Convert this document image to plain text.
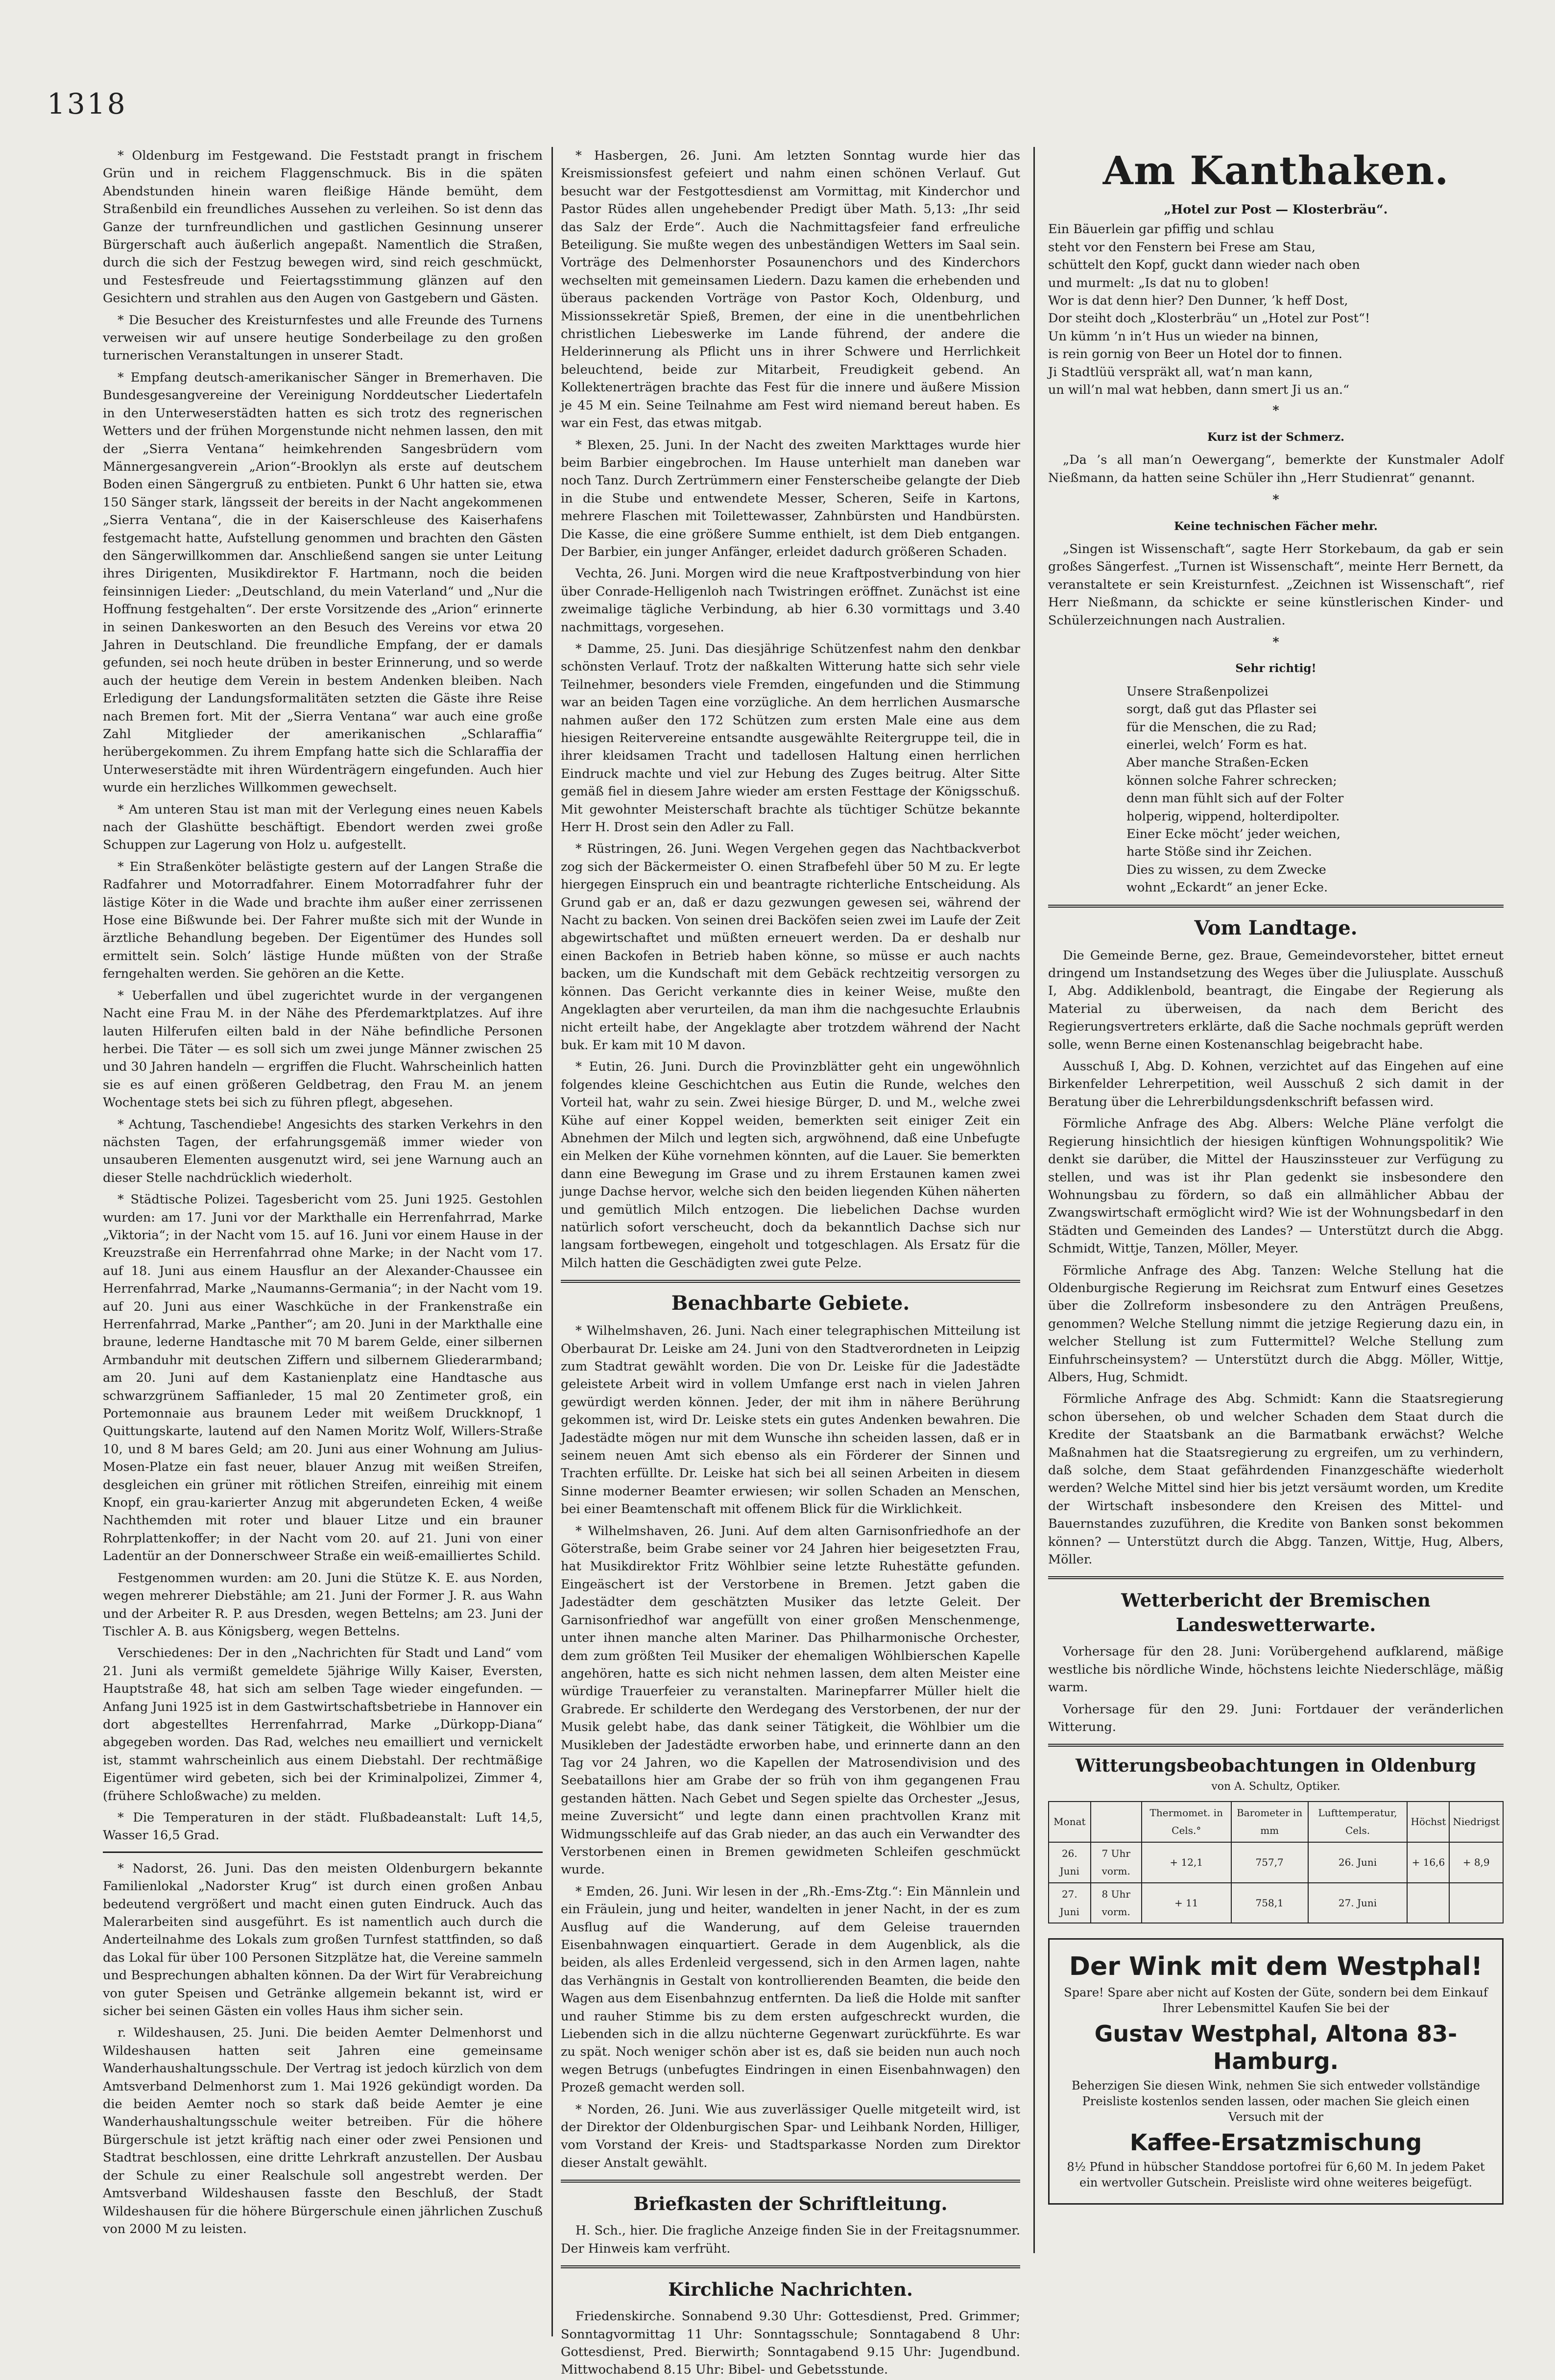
1318

* Oldenburg im Festgewand. Die Feststadt prangt in frischem Grün und in reichem Flaggenschmuck. Bis in die späten Abendstunden hinein waren fleißige Hände bemüht, dem Straßenbild ein freundliches Aussehen zu verleihen. So ist denn das Ganze der turnfreundlichen und gastlichen Gesinnung unserer Bürgerschaft auch äußerlich angepaßt. Namentlich die Straßen, durch die sich der Festzug bewegen wird, sind reich geschmückt, und Festesfreude und Feiertagsstimmung glänzen auf den Gesichtern und strahlen aus den Augen von Gastgebern und Gästen.

* Die Besucher des Kreisturnfestes und alle Freunde des Turnens verweisen wir auf unsere heutige Sonderbeilage zu den großen turnerischen Veranstaltungen in unserer Stadt.

* Empfang deutsch-amerikanischer Sänger in Bremerhaven. Die Bundesgesangvereine der Vereinigung Norddeutscher Liedertafeln in den Unterweserstädten hatten es sich trotz des regnerischen Wetters und der frühen Morgenstunde nicht nehmen lassen, den mit der „Sierra Ventana“ heimkehrenden Sangesbrüdern vom Männergesangverein „Arion“-Brooklyn als erste auf deutschem Boden einen Sängergruß zu entbieten. Punkt 6 Uhr hatten sie, etwa 150 Sänger stark, längsseit der bereits in der Nacht angekommenen „Sierra Ventana“, die in der Kaiserschleuse des Kaiserhafens festgemacht hatte, Aufstellung genommen und brachten den Gästen den Sängerwillkommen dar. Anschließend sangen sie unter Leitung ihres Dirigenten, Musikdirektor F. Hartmann, noch die beiden feinsinnigen Lieder: „Deutschland, du mein Vaterland“ und „Nur die Hoffnung festgehalten“. Der erste Vorsitzende des „Arion“ erinnerte in seinen Dankesworten an den Besuch des Vereins vor etwa 20 Jahren in Deutschland. Die freundliche Empfang, der er damals gefunden, sei noch heute drüben in bester Erinnerung, und so werde auch der heutige dem Verein in bestem Andenken bleiben. Nach Erledigung der Landungsformalitäten setzten die Gäste ihre Reise nach Bremen fort. Mit der „Sierra Ventana“ war auch eine große Zahl Mitglieder der amerikanischen „Schlaraffia“ herübergekommen. Zu ihrem Empfang hatte sich die Schlaraffia der Unterweserstädte mit ihren Würdenträgern eingefunden. Auch hier wurde ein herzliches Willkommen gewechselt.

* Am unteren Stau ist man mit der Verlegung eines neuen Kabels nach der Glashütte beschäftigt. Ebendort werden zwei große Schuppen zur Lagerung von Holz u. aufgestellt.

* Ein Straßenköter belästigte gestern auf der Langen Straße die Radfahrer und Motorradfahrer. Einem Motorradfahrer fuhr der lästige Köter in die Wade und brachte ihm außer einer zerrissenen Hose eine Bißwunde bei. Der Fahrer mußte sich mit der Wunde in ärztliche Behandlung begeben. Der Eigentümer des Hundes soll ermittelt sein. Solch’ lästige Hunde müßten von der Straße ferngehalten werden. Sie gehören an die Kette.

* Ueberfallen und übel zugerichtet wurde in der vergangenen Nacht eine Frau M. in der Nähe des Pferdemarktplatzes. Auf ihre lauten Hilferufen eilten bald in der Nähe befindliche Personen herbei. Die Täter — es soll sich um zwei junge Männer zwischen 25 und 30 Jahren handeln — ergriffen die Flucht. Wahrscheinlich hatten sie es auf einen größeren Geldbetrag, den Frau M. an jenem Wochentage stets bei sich zu führen pflegt, abgesehen.

* Achtung, Taschendiebe! Angesichts des starken Verkehrs in den nächsten Tagen, der erfahrungsgemäß immer wieder von unsauberen Elementen ausgenutzt wird, sei jene Warnung auch an dieser Stelle nachdrücklich wiederholt.

* Städtische Polizei. Tagesbericht vom 25. Juni 1925. Gestohlen wurden: am 17. Juni vor der Markthalle ein Herrenfahrrad, Marke „Viktoria“; in der Nacht vom 15. auf 16. Juni vor einem Hause in der Kreuzstraße ein Herrenfahrrad ohne Marke; in der Nacht vom 17. auf 18. Juni aus einem Hausflur an der Alexander-Chaussee ein Herrenfahrrad, Marke „Naumanns-Germania“; in der Nacht vom 19. auf 20. Juni aus einer Waschküche in der Frankenstraße ein Herrenfahrrad, Marke „Panther“; am 20. Juni in der Markthalle eine braune, lederne Handtasche mit 70 M barem Gelde, einer silbernen Armbanduhr mit deutschen Ziffern und silbernem Gliederarmband; am 20. Juni auf dem Kastanienplatz eine Handtasche aus schwarzgrünem Saffianleder, 15 mal 20 Zentimeter groß, ein Portemonnaie aus braunem Leder mit weißem Druckknopf, 1 Quittungskarte, lautend auf den Namen Moritz Wolf, Willers-Straße 10, und 8 M bares Geld; am 20. Juni aus einer Wohnung am Julius-Mosen-Platze ein fast neuer, blauer Anzug mit weißen Streifen, desgleichen ein grüner mit rötlichen Streifen, einreihig mit einem Knopf, ein grau-karierter Anzug mit abgerundeten Ecken, 4 weiße Nachthemden mit roter und blauer Litze und ein brauner Rohrplattenkoffer; in der Nacht vom 20. auf 21. Juni von einer Ladentür an der Donnerschweer Straße ein weiß-emailliertes Schild.

Festgenommen wurden: am 20. Juni die Stütze K. E. aus Norden, wegen mehrerer Diebstähle; am 21. Juni der Former J. R. aus Wahn und der Arbeiter R. P. aus Dresden, wegen Bettelns; am 23. Juni der Tischler A. B. aus Königsberg, wegen Bettelns.

Verschiedenes: Der in den „Nachrichten für Stadt und Land“ vom 21. Juni als vermißt gemeldete 5jährige Willy Kaiser, Eversten, Hauptstraße 48, hat sich am selben Tage wieder eingefunden. — Anfang Juni 1925 ist in dem Gastwirtschaftsbetriebe in Hannover ein dort abgestelltes Herrenfahrrad, Marke „Dürkopp-Diana“ abgegeben worden. Das Rad, welches neu emailliert und vernickelt ist, stammt wahrscheinlich aus einem Diebstahl. Der rechtmäßige Eigentümer wird gebeten, sich bei der Kriminalpolizei, Zimmer 4, (frühere Schloßwache) zu melden.

* Die Temperaturen in der städt. Flußbadeanstalt: Luft 14,5, Wasser 16,5 Grad.

* Nadorst, 26. Juni. Das den meisten Oldenburgern bekannte Familienlokal „Nadorster Krug“ ist durch einen großen Anbau bedeutend vergrößert und macht einen guten Eindruck. Auch das Malerarbeiten sind ausgeführt. Es ist namentlich auch durch die Anderteilnahme des Lokals zum großen Turnfest stattfinden, so daß das Lokal für über 100 Personen Sitzplätze hat, die Vereine sammeln und Besprechungen abhalten können. Da der Wirt für Verabreichung von guter Speisen und Getränke allgemein bekannt ist, wird er sicher bei seinen Gästen ein volles Haus ihm sicher sein.

r. Wildeshausen, 25. Juni. Die beiden Aemter Delmenhorst und Wildeshausen hatten seit Jahren eine gemeinsame Wanderhaushaltungsschule. Der Vertrag ist jedoch kürzlich von dem Amtsverband Delmenhorst zum 1. Mai 1926 gekündigt worden. Da die beiden Aemter noch so stark daß beide Aemter je eine Wanderhaushaltungsschule weiter betreiben. Für die höhere Bürgerschule ist jetzt kräftig nach einer oder zwei Pensionen und Stadtrat beschlossen, eine dritte Lehrkraft anzustellen. Der Ausbau der Schule zu einer Realschule soll angestrebt werden. Der Amtsverband Wildeshausen fasste den Beschluß, der Stadt Wildeshausen für die höhere Bürgerschule einen jährlichen Zuschuß von 2000 M zu leisten.

* Hasbergen, 26. Juni. Am letzten Sonntag wurde hier das Kreismissionsfest gefeiert und nahm einen schönen Verlauf. Gut besucht war der Festgottesdienst am Vormittag, mit Kinderchor und Pastor Rüdes allen ungehebender Predigt über Math. 5,13: „Ihr seid das Salz der Erde“. Auch die Nachmittagsfeier fand erfreuliche Beteiligung. Sie mußte wegen des unbeständigen Wetters im Saal sein. Vorträge des Delmenhorster Posaunenchors und des Kinderchors wechselten mit gemeinsamen Liedern. Dazu kamen die erhebenden und überaus packenden Vorträge von Pastor Koch, Oldenburg, und Missionssekretär Spieß, Bremen, der eine in die unentbehrlichen christlichen Liebeswerke im Lande führend, der andere die Helderinnerung als Pflicht uns in ihrer Schwere und Herrlichkeit beleuchtend, beide zur Mitarbeit, Freudigkeit gebend. An Kollektenerträgen brachte das Fest für die innere und äußere Mission je 45 M ein. Seine Teilnahme am Fest wird niemand bereut haben. Es war ein Fest, das etwas mitgab.

* Blexen, 25. Juni. In der Nacht des zweiten Markttages wurde hier beim Barbier eingebrochen. Im Hause unterhielt man daneben war noch Tanz. Durch Zertrümmern einer Fensterscheibe gelangte der Dieb in die Stube und entwendete Messer, Scheren, Seife in Kartons, mehrere Flaschen mit Toilettewasser, Zahnbürsten und Handbürsten. Die Kasse, die eine größere Summe enthielt, ist dem Dieb entgangen. Der Barbier, ein junger Anfänger, erleidet dadurch größeren Schaden.

Vechta, 26. Juni. Morgen wird die neue Kraftpostverbindung von hier über Conrade-Helligenloh nach Twistringen eröffnet. Zunächst ist eine zweimalige tägliche Verbindung, ab hier 6.30 vormittags und 3.40 nachmittags, vorgesehen.

* Damme, 25. Juni. Das diesjährige Schützenfest nahm den denkbar schönsten Verlauf. Trotz der naßkalten Witterung hatte sich sehr viele Teilnehmer, besonders viele Fremden, eingefunden und die Stimmung war an beiden Tagen eine vorzügliche. An dem herrlichen Ausmarsche nahmen außer den 172 Schützen zum ersten Male eine aus dem hiesigen Reitervereine entsandte ausgewählte Reitergruppe teil, die in ihrer kleidsamen Tracht und tadellosen Haltung einen herrlichen Eindruck machte und viel zur Hebung des Zuges beitrug. Alter Sitte gemäß fiel in diesem Jahre wieder am ersten Festtage der Königsschuß. Mit gewohnter Meisterschaft brachte als tüchtiger Schütze bekannte Herr H. Drost sein den Adler zu Fall.

* Rüstringen, 26. Juni. Wegen Vergehen gegen das Nachtbackverbot zog sich der Bäckermeister O. einen Strafbefehl über 50 M zu. Er legte hiergegen Einspruch ein und beantragte richterliche Entscheidung. Als Grund gab er an, daß er dazu gezwungen gewesen sei, während der Nacht zu backen. Von seinen drei Backöfen seien zwei im Laufe der Zeit abgewirtschaftet und müßten erneuert werden. Da er deshalb nur einen Backofen in Betrieb haben könne, so müsse er auch nachts backen, um die Kundschaft mit dem Gebäck rechtzeitig versorgen zu können. Das Gericht verkannte dies in keiner Weise, mußte den Angeklagten aber verurteilen, da man ihm die nachgesuchte Erlaubnis nicht erteilt habe, der Angeklagte aber trotzdem während der Nacht buk. Er kam mit 10 M davon.

* Eutin, 26. Juni. Durch die Provinzblätter geht ein ungewöhnlich folgendes kleine Geschichtchen aus Eutin die Runde, welches den Vorteil hat, wahr zu sein. Zwei hiesige Bürger, D. und M., welche zwei Kühe auf einer Koppel weiden, bemerkten seit einiger Zeit ein Abnehmen der Milch und legten sich, argwöhnend, daß eine Unbefugte ein Melken der Kühe vornehmen könnten, auf die Lauer. Sie bemerkten dann eine Bewegung im Grase und zu ihrem Erstaunen kamen zwei junge Dachse hervor, welche sich den beiden liegenden Kühen näherten und gemütlich Milch entzogen. Die liebelichen Dachse wurden natürlich sofort verscheucht, doch da bekanntlich Dachse sich nur langsam fortbewegen, eingeholt und totgeschlagen. Als Ersatz für die Milch hatten die Geschädigten zwei gute Pelze.

Benachbarte Gebiete.

* Wilhelmshaven, 26. Juni. Nach einer telegraphischen Mitteilung ist Oberbaurat Dr. Leiske am 24. Juni von den Stadtverordneten in Leipzig zum Stadtrat gewählt worden. Die von Dr. Leiske für die Jadestädte geleistete Arbeit wird in vollem Umfange erst nach in vielen Jahren gewürdigt werden können. Jeder, der mit ihm in nähere Berührung gekommen ist, wird Dr. Leiske stets ein gutes Andenken bewahren. Die Jadestädte mögen nur mit dem Wunsche ihn scheiden lassen, daß er in seinem neuen Amt sich ebenso als ein Förderer der Sinnen und Trachten erfüllte. Dr. Leiske hat sich bei all seinen Arbeiten in diesem Sinne moderner Beamter erwiesen; wir sollen Schaden an Menschen, bei einer Beamtenschaft mit offenem Blick für die Wirklichkeit.

* Wilhelmshaven, 26. Juni. Auf dem alten Garnisonfriedhofe an der Göterstraße, beim Grabe seiner vor 24 Jahren hier beigesetzten Frau, hat Musikdirektor Fritz Wöhlbier seine letzte Ruhestätte gefunden. Eingeäschert ist der Verstorbene in Bremen. Jetzt gaben die Jadestädter dem geschätzten Musiker das letzte Geleit. Der Garnisonfriedhof war angefüllt von einer großen Menschenmenge, unter ihnen manche alten Mariner. Das Philharmonische Orchester, dem zum größten Teil Musiker der ehemaligen Wöhlbierschen Kapelle angehören, hatte es sich nicht nehmen lassen, dem alten Meister eine würdige Trauerfeier zu veranstalten. Marinepfarrer Müller hielt die Grabrede. Er schilderte den Werdegang des Verstorbenen, der nur der Musik gelebt habe, das dank seiner Tätigkeit, die Wöhlbier um die Musikleben der Jadestädte erworben habe, und erinnerte dann an den Tag vor 24 Jahren, wo die Kapellen der Matrosendivision und des Seebataillons hier am Grabe der so früh von ihm gegangenen Frau gestanden hätten. Nach Gebet und Segen spielte das Orchester „Jesus, meine Zuversicht“ und legte dann einen prachtvollen Kranz mit Widmungsschleife auf das Grab nieder, an das auch ein Verwandter des Verstorbenen einen in Bremen gewidmeten Schleifen geschmückt wurde.

* Emden, 26. Juni. Wir lesen in der „Rh.-Ems-Ztg.“: Ein Männlein und ein Fräulein, jung und heiter, wandelten in jener Nacht, in der es zum Ausflug auf die Wanderung, auf dem Geleise trauernden Eisenbahnwagen einquartiert. Gerade in dem Augenblick, als die beiden, als alles Erdenleid vergessend, sich in den Armen lagen, nahte das Verhängnis in Gestalt von kontrollierenden Beamten, die beide den Wagen aus dem Eisenbahnzug entfernten. Da ließ die Holde mit sanfter und rauher Stimme bis zu dem ersten aufgeschreckt wurden, die Liebenden sich in die allzu nüchterne Gegenwart zurückführte. Es war zu spät. Noch weniger schön aber ist es, daß sie beiden nun auch noch wegen Betrugs (unbefugtes Eindringen in einen Eisenbahnwagen) den Prozeß gemacht werden soll.

* Norden, 26. Juni. Wie aus zuverlässiger Quelle mitgeteilt wird, ist der Direktor der Oldenburgischen Spar- und Leihbank Norden, Hilliger, vom Vorstand der Kreis- und Stadtsparkasse Norden zum Direktor dieser Anstalt gewählt.

Briefkasten der Schriftleitung.

H. Sch., hier. Die fragliche Anzeige finden Sie in der Freitagsnummer. Der Hinweis kam verfrüht.

Kirchliche Nachrichten.

Friedenskirche. Sonnabend 9.30 Uhr: Gottesdienst, Pred. Grimmer; Sonntagvormittag 11 Uhr: Sonntagsschule; Sonntagabend 8 Uhr: Gottesdienst, Pred. Bierwirth; Sonntagabend 9.15 Uhr: Jugendbund. Mittwochabend 8.15 Uhr: Bibel- und Gebetsstunde.

Am Kanthaken.
„Hotel zur Post — Klosterbräu“.
Ein Bäuerlein gar pfiffig und schlau
steht vor den Fenstern bei Frese am Stau,
schüttelt den Kopf, guckt dann wieder nach oben
und murmelt: „Is dat nu to globen!
Wor is dat denn hier? Den Dunner, ’k heff Dost,
Dor steiht doch „Klosterbräu“ un „Hotel zur Post“!
Un kümm ’n in’t Hus un wieder na binnen,
is rein gornig von Beer un Hotel dor to finnen.
Ji Stadtlüü verspräkt all, wat’n man kann,
un will’n mal wat hebben, dann smert Ji us an.“
*
Kurz ist der Schmerz.

„Da ’s all man’n Oewergang“, bemerkte der Kunstmaler Adolf Nießmann, da hatten seine Schüler ihn „Herr Studienrat“ genannt.

*
Keine technischen Fächer mehr.

„Singen ist Wissenschaft“, sagte Herr Storkebaum, da gab er sein großes Sängerfest. „Turnen ist Wissenschaft“, meinte Herr Bernett, da veranstaltete er sein Kreisturnfest. „Zeichnen ist Wissenschaft“, rief Herr Nießmann, da schickte er seine künstlerischen Kinder- und Schülerzeichnungen nach Australien.

*
Sehr richtig!
Unsere Straßenpolizei
sorgt, daß gut das Pflaster sei
für die Menschen, die zu Rad;
einerlei, welch’ Form es hat.
Aber manche Straßen-Ecken
können solche Fahrer schrecken;
denn man fühlt sich auf der Folter
holperig, wippend, holterdipolter.
Einer Ecke möcht’ jeder weichen,
harte Stöße sind ihr Zeichen.
Dies zu wissen, zu dem Zwecke
wohnt „Eckardt“ an jener Ecke.
Vom Landtage.

Die Gemeinde Berne, gez. Braue, Gemeindevorsteher, bittet erneut dringend um Instandsetzung des Weges über die Juliusplate. Ausschuß I, Abg. Addiklenbold, beantragt, die Eingabe der Regierung als Material zu überweisen, da nach dem Bericht des Regierungsvertreters erklärte, daß die Sache nochmals geprüft werden solle, wenn Berne einen Kostenanschlag beigebracht habe.

Ausschuß I, Abg. D. Kohnen, verzichtet auf das Eingehen auf eine Birkenfelder Lehrerpetition, weil Ausschuß 2 sich damit in der Beratung über die Lehrerbildungsdenkschrift befassen wird.

Förmliche Anfrage des Abg. Albers: Welche Pläne verfolgt die Regierung hinsichtlich der hiesigen künftigen Wohnungspolitik? Wie denkt sie darüber, die Mittel der Hauszinssteuer zur Verfügung zu stellen, und was ist ihr Plan gedenkt sie insbesondere den Wohnungsbau zu fördern, so daß ein allmählicher Abbau der Zwangswirtschaft ermöglicht wird? Wie ist der Wohnungsbedarf in den Städten und Gemeinden des Landes? — Unterstützt durch die Abgg. Schmidt, Wittje, Tanzen, Möller, Meyer.

Förmliche Anfrage des Abg. Tanzen: Welche Stellung hat die Oldenburgische Regierung im Reichsrat zum Entwurf eines Gesetzes über die Zollreform insbesondere zu den Anträgen Preußens, genommen? Welche Stellung nimmt die jetzige Regierung dazu ein, in welcher Stellung ist zum Futtermittel? Welche Stellung zum Einfuhrscheinsystem? — Unterstützt durch die Abgg. Möller, Wittje, Albers, Hug, Schmidt.

Förmliche Anfrage des Abg. Schmidt: Kann die Staatsregierung schon übersehen, ob und welcher Schaden dem Staat durch die Kredite der Staatsbank an die Barmatbank erwächst? Welche Maßnahmen hat die Staatsregierung zu ergreifen, um zu verhindern, daß solche, dem Staat gefährdenden Finanzgeschäfte wiederholt werden? Welche Mittel sind hier bis jetzt versäumt worden, um Kredite der Wirtschaft insbesondere den Kreisen des Mittel- und Bauernstandes zuzuführen, die Kredite von Banken sonst bekommen können? — Unterstützt durch die Abgg. Tanzen, Wittje, Hug, Albers, Möller.

Wetterbericht der Bremischen Landeswetterwarte.

Vorhersage für den 28. Juni: Vorübergehend aufklarend, mäßige westliche bis nördliche Winde, höchstens leichte Niederschläge, mäßig warm.

Vorhersage für den 29. Juni: Fortdauer der veränderlichen Witterung.

Witterungsbeobachtungen in Oldenburg
von A. Schultz, Optiker.
Monat		Thermomet. in Cels.°	Barometer in mm	Lufttemperatur, Cels.	Höchst	Niedrigst
26. Juni	7 Uhr vorm.	+ 12,1	757,7	26. Juni	+ 16,6	+ 8,9
27. Juni	8 Uhr vorm.	+ 11	758,1	27. Juni		
Der Wink mit dem Westphal!

Spare! Spare aber nicht auf Kosten der Güte, sondern bei dem Einkauf Ihrer Lebensmittel Kaufen Sie bei der

Gustav Westphal, Altona 83-Hamburg.

Beherzigen Sie diesen Wink, nehmen Sie sich entweder vollständige Preisliste kostenlos senden lassen, oder machen Sie gleich einen Versuch mit der

Kaffee-Ersatzmischung

8½ Pfund in hübscher Standdose portofrei für 6,60 M. In jedem Paket ein wertvoller Gutschein. Preisliste wird ohne weiteres beigefügt.
